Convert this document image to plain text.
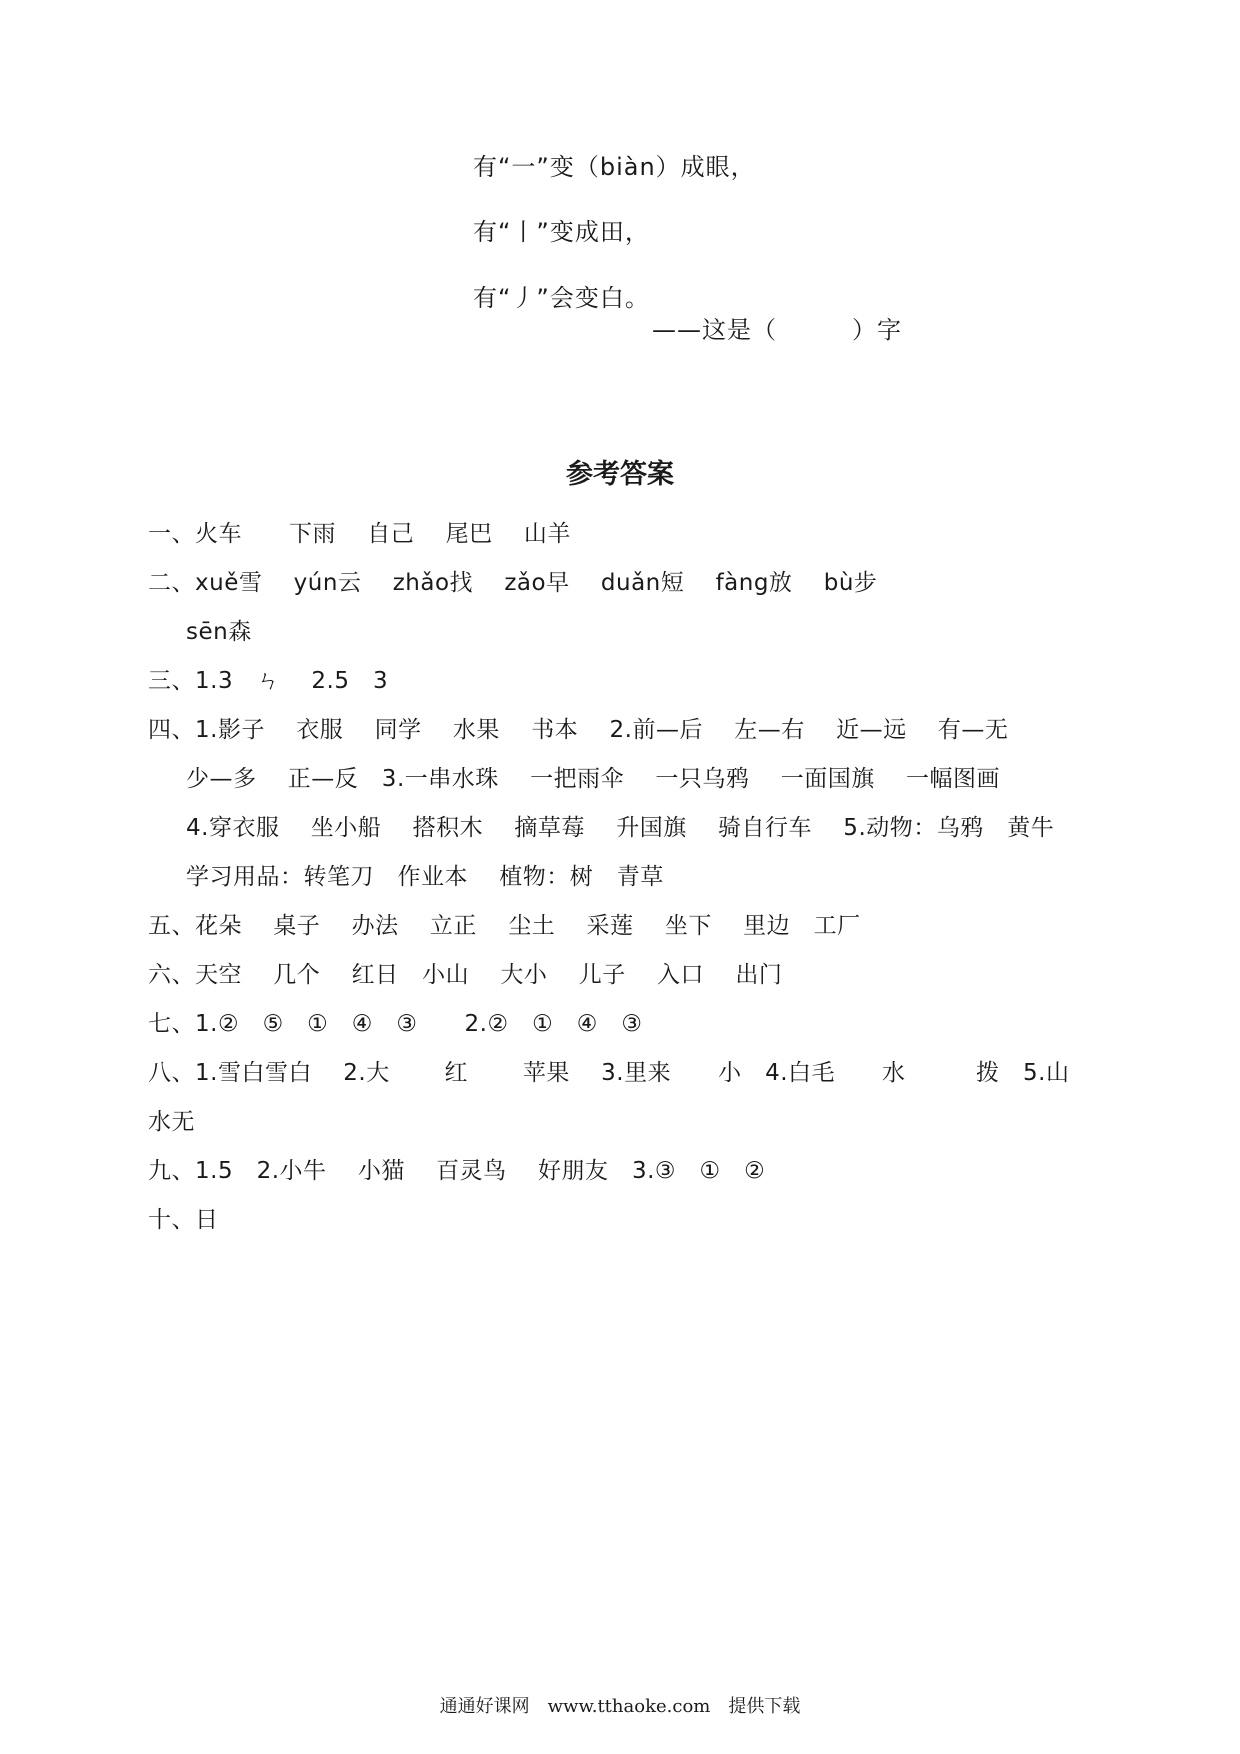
有“一”变（biàn）成眼，
有“丨”变成田，
有“丿”会变白。
——这是（　　　）字
参考答案
一、火车　　下雨　 自己　 尾巴　 山羊
二、xuě雪　 yún云　 zhǎo找　 zǎo早　 duǎn短　 fàng放　 bù步
sēn森
三、1.3　ㄣ　 2.5　3
四、1.影子　 衣服　 同学　 水果　 书本　 2.前—后　 左—右　 近—远　 有—无
少—多　 正—反　3.一串水珠　 一把雨伞　 一只乌鸦　 一面国旗　 一幅图画
4.穿衣服　 坐小船　 搭积木　 摘草莓　 升国旗　 骑自行车　 5.动物：乌鸦　黄牛
学习用品：转笔刀　作业本　 植物：树　青草
五、花朵　 桌子　 办法　 立正　 尘土　 采莲　 坐下　 里边　工厂
六、天空　 几个　 红日　小山　 大小　 儿子　 入口　 出门
七、1.②　⑤　①　④　③　　2.②　①　④　③
八、1.雪白雪白　 2.大　　 红　　 苹果　 3.里来　　小　4.白毛　　水　　　拨　5.山
水无
九、1.5　2.小牛　 小猫　 百灵鸟　 好朋友　3.③　①　②
十、日
通通好课网　www.tthaoke.com　提供下载
